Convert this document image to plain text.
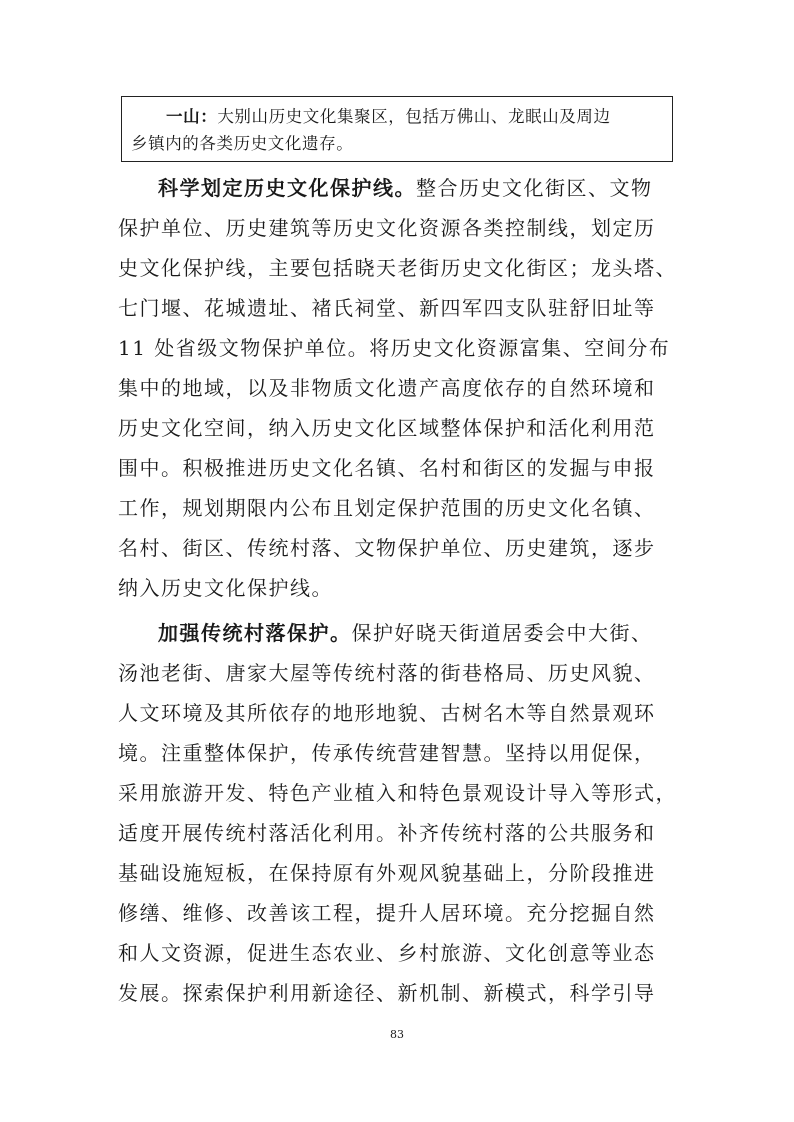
一山：大别山历史文化集聚区，包括万佛山、龙眠山及周边
乡镇内的各类历史文化遗存。
科学划定历史文化保护线。整合历史文化街区、文物
保护单位、历史建筑等历史文化资源各类控制线，划定历
史文化保护线，主要包括晓天老街历史文化街区；龙头塔、
七门堰、花城遗址、褚氏祠堂、新四军四支队驻舒旧址等
11 处省级文物保护单位。将历史文化资源富集、空间分布
集中的地域，以及非物质文化遗产高度依存的自然环境和
历史文化空间，纳入历史文化区域整体保护和活化利用范
围中。积极推进历史文化名镇、名村和街区的发掘与申报
工作，规划期限内公布且划定保护范围的历史文化名镇、
名村、街区、传统村落、文物保护单位、历史建筑，逐步
纳入历史文化保护线。
加强传统村落保护。保护好晓天街道居委会中大街、
汤池老街、唐家大屋等传统村落的街巷格局、历史风貌、
人文环境及其所依存的地形地貌、古树名木等自然景观环
境。注重整体保护，传承传统营建智慧。坚持以用促保，
采用旅游开发、特色产业植入和特色景观设计导入等形式，
适度开展传统村落活化利用。补齐传统村落的公共服务和
基础设施短板，在保持原有外观风貌基础上，分阶段推进
修缮、维修、改善该工程，提升人居环境。充分挖掘自然
和人文资源，促进生态农业、乡村旅游、文化创意等业态
发展。探索保护利用新途径、新机制、新模式，科学引导
83
